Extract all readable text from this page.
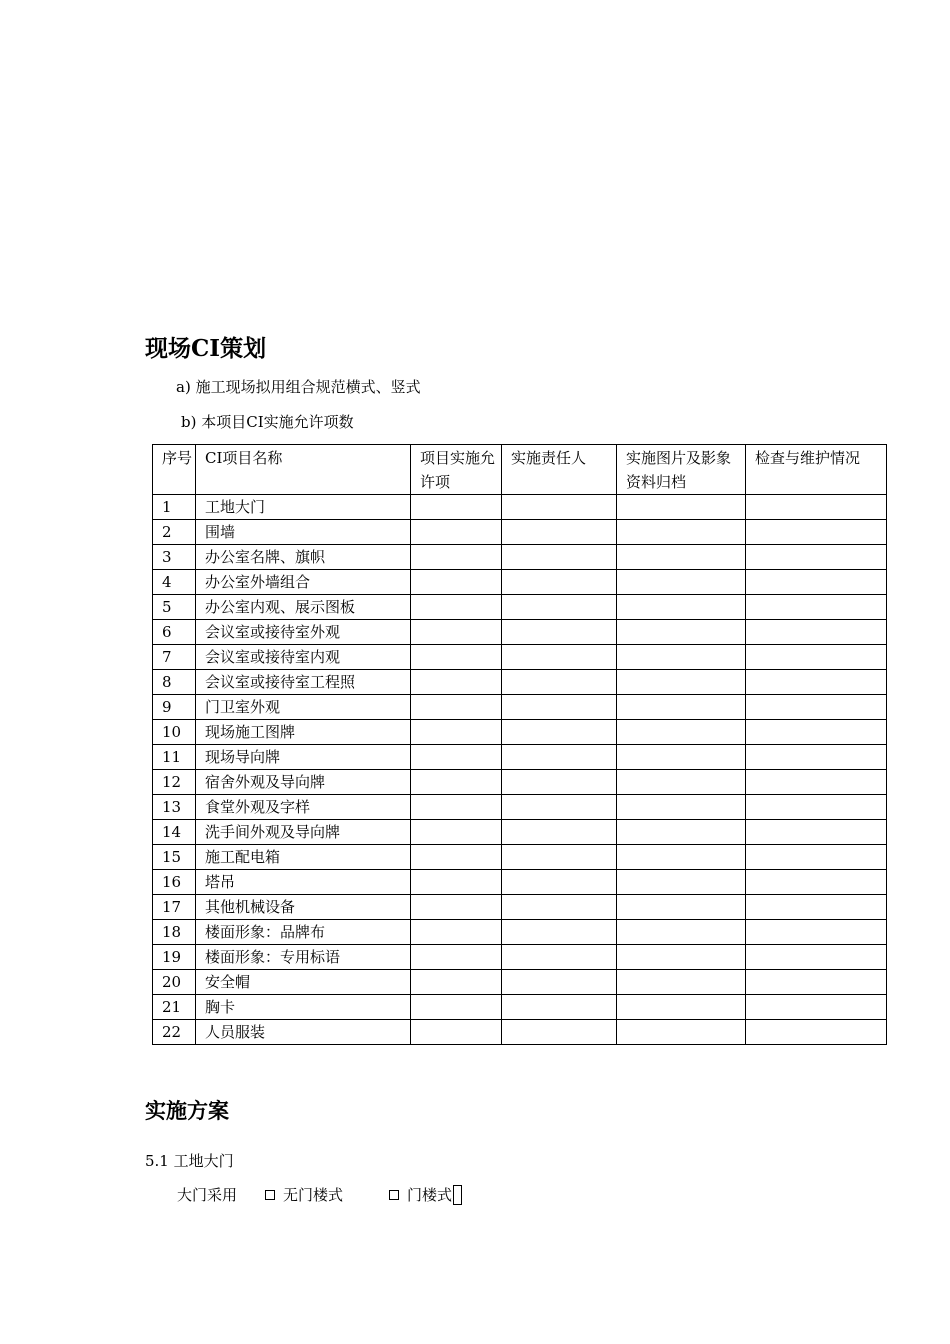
现场CI策划
a) 施工现场拟用组合规范横式、竖式
b) 本项目CI实施允许项数
序号	CI项目名称	项目实施允许项	实施责任人	实施图片及影象资料归档	检查与维护情况
1	工地大门				
2	围墙				
3	办公室名牌、旗帜				
4	办公室外墙组合				
5	办公室内观、展示图板				
6	会议室或接待室外观				
7	会议室或接待室内观				
8	会议室或接待室工程照				
9	门卫室外观				
10	现场施工图牌				
11	现场导向牌				
12	宿舍外观及导向牌				
13	食堂外观及字样				
14	洗手间外观及导向牌				
15	施工配电箱				
16	塔吊				
17	其他机械设备				
18	楼面形象：品牌布				
19	楼面形象：专用标语				
20	安全帽				
21	胸卡				
22	人员服装				
实施方案
5.1 工地大门
大门采用	无门楼式	门楼式
